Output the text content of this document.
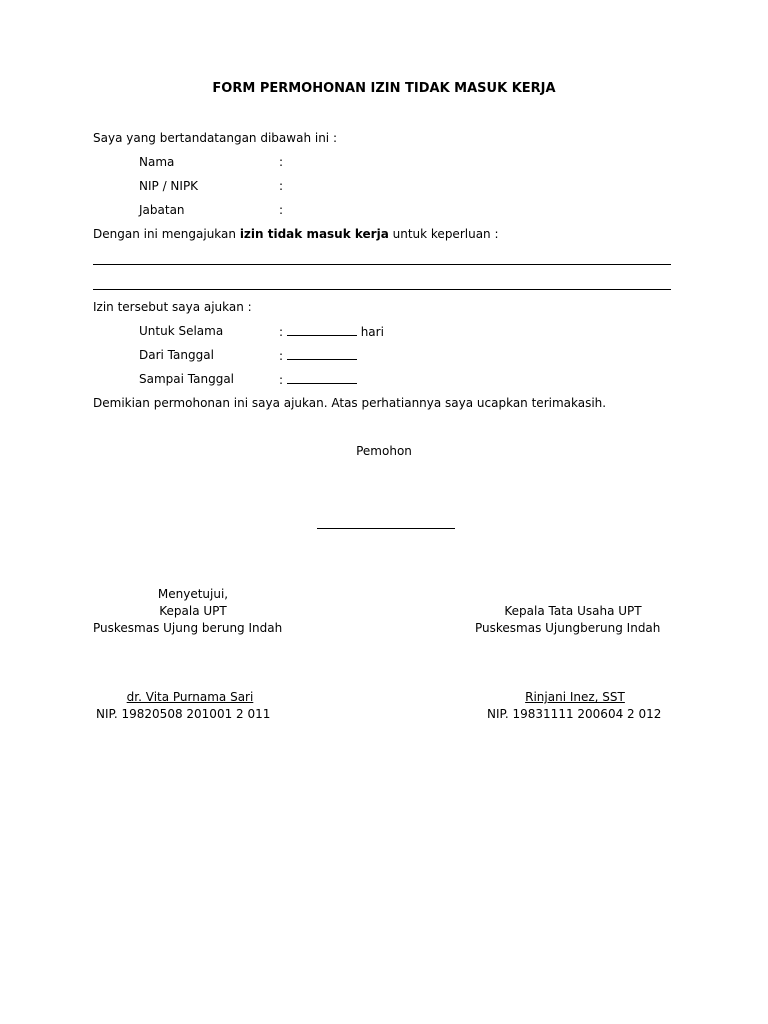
FORM PERMOHONAN IZIN TIDAK MASUK KERJA
Saya yang bertandatangan dibawah ini :
Nama	:
NIP / NIPK	:
Jabatan	:
Dengan ini mengajukan izin tidak masuk kerja untuk keperluan :
Izin tersebut saya ajukan :
Untuk Selama	:	hari
Dari Tanggal	:
Sampai Tanggal	:
Demikian permohonan ini saya ajukan. Atas perhatiannya saya ucapkan terimakasih.
Pemohon
Menyetujui,
Kepala UPT
Puskesmas Ujung berung Indah
dr. Vita Purnama Sari
NIP. 19820508 201001 2 011
Kepala Tata Usaha UPT
Puskesmas Ujungberung Indah
Rinjani Inez, SST
NIP. 19831111 200604 2 012
